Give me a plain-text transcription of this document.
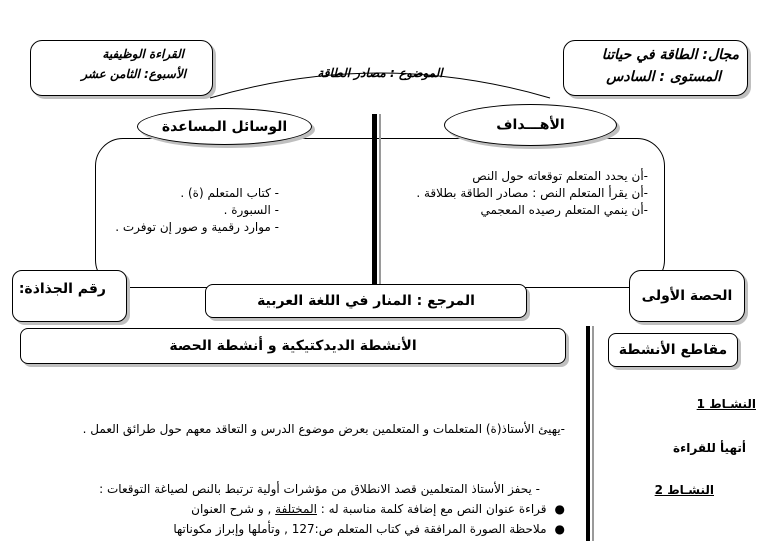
القراءة الوظيفية
الأسبوع: الثامن عشر	الموضوع : مصادر الطاقة
مجال: الطاقة في حياتنا
المستوى : السادس
الوسائل المساعدة	الأهـــداف
-أن يحدد المتعلم توقعاته حول النص
-أن يقرأ المتعلم النص : مصادر الطاقة بطلاقة .
-أن ينمي المتعلم رصيده المعجمي
- كتاب المتعلم (ة) .
- السبورة .
- موارد رقمية و صور إن توفرت .
رقم الجذاذة:
المرجع : المنار في اللغة العربية	الحصة الأولى
الأنشطة الديدكتيكية و أنشطة الحصة	مقاطع الأنشطة
النشـاط 1
أتهيأ للقراءة
النشـاط 2
-يهيئ الأستاذ(ة) المتعلمات و المتعلمين بعرض موضوع الدرس و التعاقد معهم حول طرائق العمل .
- يحفز الأستاذ المتعلمين قصد الانطلاق من مؤشرات أولية ترتبط بالنص لصياغة التوقعات :
●قراءة عنوان النص مع إضافة كلمة مناسبة له : المختلفة , و شرح العنوان
●ملاحظة الصورة المرافقة في كتاب المتعلم ص:127 , وتأملها وإبراز مكوناتها
